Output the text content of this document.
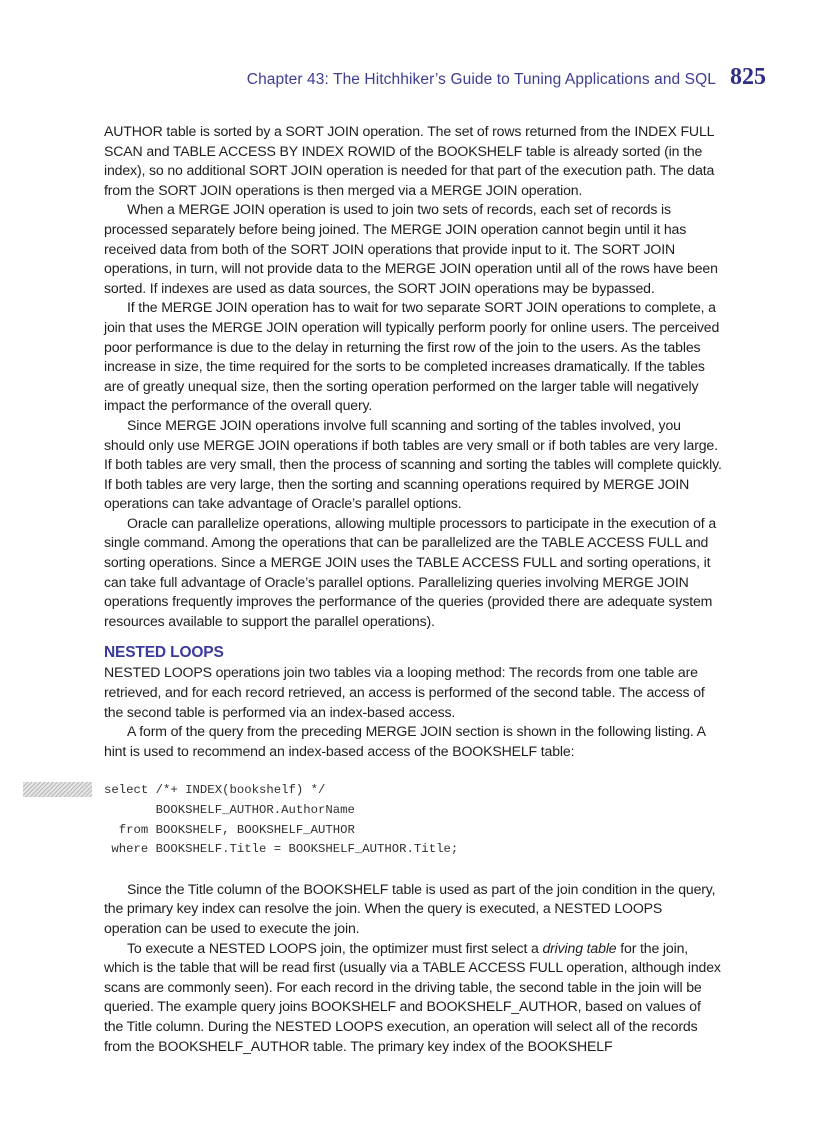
Chapter 43: The Hitchhiker’s Guide to Tuning Applications and SQL 825

AUTHOR table is sorted by a SORT JOIN operation. The set of rows returned from the INDEX FULL SCAN and TABLE ACCESS BY INDEX ROWID of the BOOKSHELF table is already sorted (in the index), so no additional SORT JOIN operation is needed for that part of the execution path. The data from the SORT JOIN operations is then merged via a MERGE JOIN operation.

When a MERGE JOIN operation is used to join two sets of records, each set of records is processed separately before being joined. The MERGE JOIN operation cannot begin until it has received data from both of the SORT JOIN operations that provide input to it. The SORT JOIN operations, in turn, will not provide data to the MERGE JOIN operation until all of the rows have been sorted. If indexes are used as data sources, the SORT JOIN operations may be bypassed.

If the MERGE JOIN operation has to wait for two separate SORT JOIN operations to complete, a join that uses the MERGE JOIN operation will typically perform poorly for online users. The perceived poor performance is due to the delay in returning the first row of the join to the users. As the tables increase in size, the time required for the sorts to be completed increases dramatically. If the tables are of greatly unequal size, then the sorting operation performed on the larger table will negatively impact the performance of the overall query.

Since MERGE JOIN operations involve full scanning and sorting of the tables involved, you should only use MERGE JOIN operations if both tables are very small or if both tables are very large. If both tables are very small, then the process of scanning and sorting the tables will complete quickly. If both tables are very large, then the sorting and scanning operations required by MERGE JOIN operations can take advantage of Oracle’s parallel options.

Oracle can parallelize operations, allowing multiple processors to participate in the execution of a single command. Among the operations that can be parallelized are the TABLE ACCESS FULL and sorting operations. Since a MERGE JOIN uses the TABLE ACCESS FULL and sorting operations, it can take full advantage of Oracle’s parallel options. Parallelizing queries involving MERGE JOIN operations frequently improves the performance of the queries (provided there are adequate system resources available to support the parallel operations).

NESTED LOOPS

NESTED LOOPS operations join two tables via a looping method: The records from one table are retrieved, and for each record retrieved, an access is performed of the second table. The access of the second table is performed via an index-based access.

A form of the query from the preceding MERGE JOIN section is shown in the following listing. A hint is used to recommend an index-based access of the BOOKSHELF table:

select /*+ INDEX(bookshelf) */
BOOKSHELF_AUTHOR.AuthorName
from BOOKSHELF, BOOKSHELF_AUTHOR
where BOOKSHELF.Title = BOOKSHELF_AUTHOR.Title;

Since the Title column of the BOOKSHELF table is used as part of the join condition in the query, the primary key index can resolve the join. When the query is executed, a NESTED LOOPS operation can be used to execute the join.

To execute a NESTED LOOPS join, the optimizer must first select a driving table for the join, which is the table that will be read first (usually via a TABLE ACCESS FULL operation, although index scans are commonly seen). For each record in the driving table, the second table in the join will be queried. The example query joins BOOKSHELF and BOOKSHELF_AUTHOR, based on values of the Title column. During the NESTED LOOPS execution, an operation will select all of the records from the BOOKSHELF_AUTHOR table. The primary key index of the BOOKSHELF
